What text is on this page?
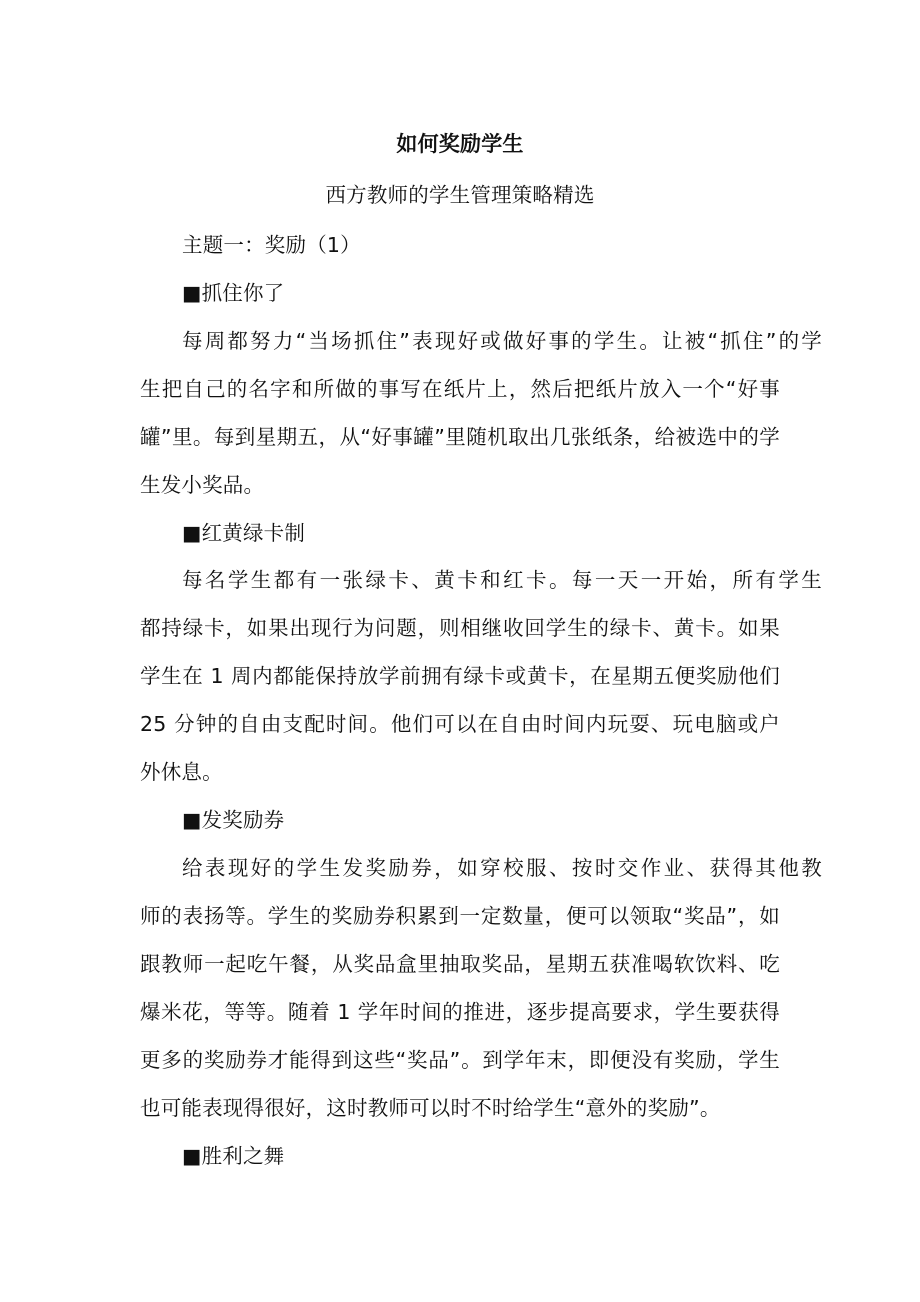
如何奖励学生
西方教师的学生管理策略精选
主题一：奖励（1）
■抓住你了
每周都努力“当场抓住”表现好或做好事的学生。让被“抓住”的学
生把自己的名字和所做的事写在纸片上，然后把纸片放入一个“好事
罐”里。每到星期五，从“好事罐”里随机取出几张纸条，给被选中的学
生发小奖品。
■红黄绿卡制
每名学生都有一张绿卡、黄卡和红卡。每一天一开始，所有学生
都持绿卡，如果出现行为问题，则相继收回学生的绿卡、黄卡。如果
学生在 1 周内都能保持放学前拥有绿卡或黄卡，在星期五便奖励他们
25 分钟的自由支配时间。他们可以在自由时间内玩耍、玩电脑或户
外休息。
■发奖励券
给表现好的学生发奖励券，如穿校服、按时交作业、获得其他教
师的表扬等。学生的奖励券积累到一定数量，便可以领取“奖品”，如
跟教师一起吃午餐，从奖品盒里抽取奖品，星期五获准喝软饮料、吃
爆米花，等等。随着 1 学年时间的推进，逐步提高要求，学生要获得
更多的奖励券才能得到这些“奖品”。到学年末，即便没有奖励，学生
也可能表现得很好，这时教师可以时不时给学生“意外的奖励”。
■胜利之舞
